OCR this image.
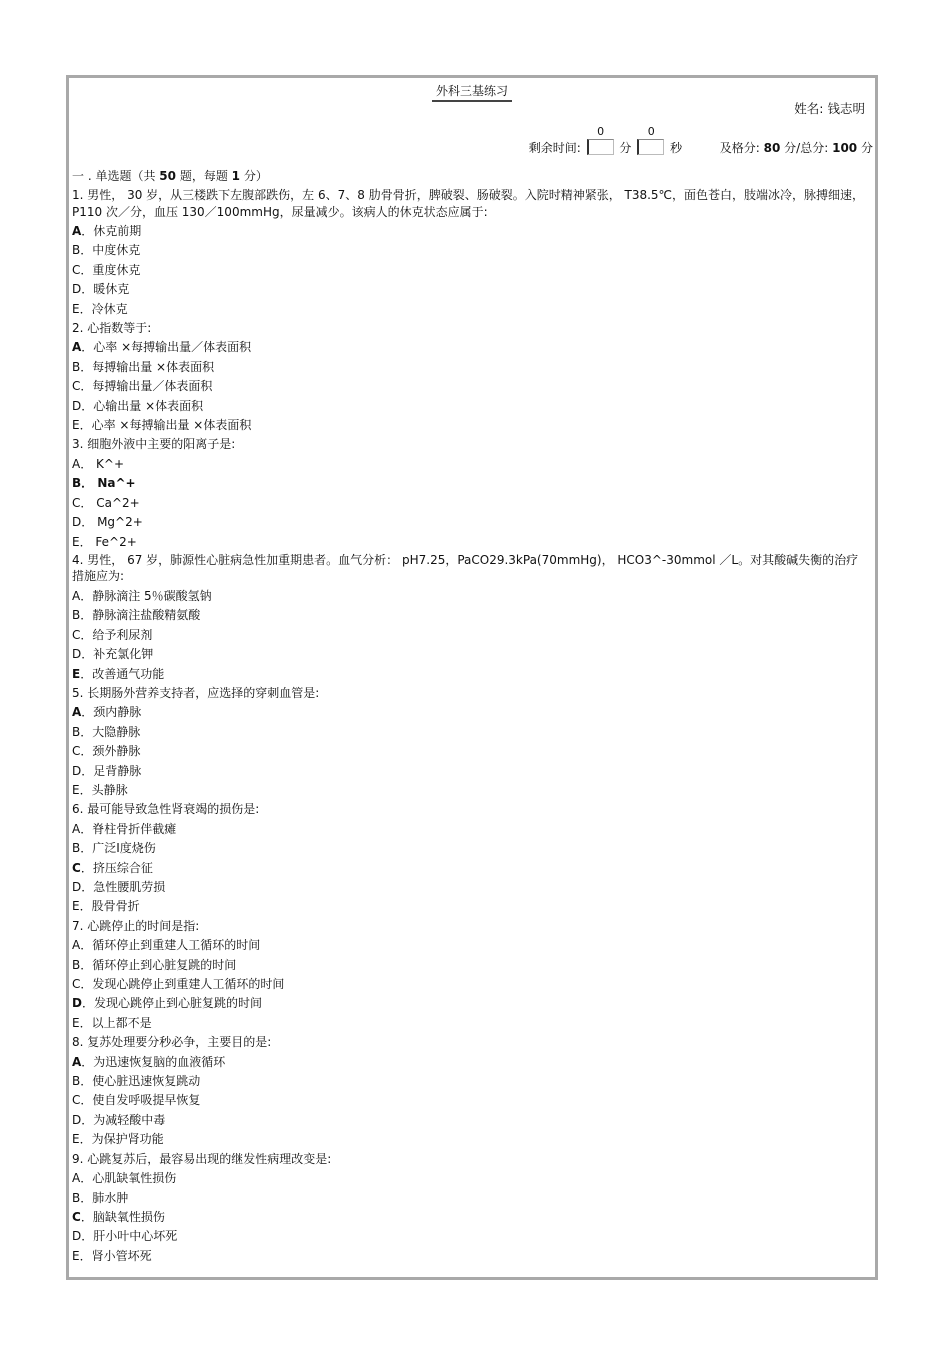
外科三基练习
姓名: 钱志明
剩余时间:
0
分
0
秒	及格分: 80 分/总分: 100 分
一 . 单选题（共 50 题，每题 1 分）
1. 男性， 30 岁，从三楼跌下左腹部跌伤，左 6、7、8 肋骨骨折，脾破裂、肠破裂。入院时精神紧张， T38.5℃，面色苍白，肢端冰冷，脉搏细速， P110 次／分，血压 130／100mmHg，尿量减少。该病人的休克状态应属于:
A．休克前期
B．中度休克
C．重度休克
D．暖休克
E．冷休克
2. 心指数等于:
A．心率 ×每搏输出量／体表面积
B．每搏输出量 ×体表面积
C．每搏输出量／体表面积
D．心输出量 ×体表面积
E．心率 ×每搏输出量 ×体表面积
3. 细胞外液中主要的阳离子是:
A． K^+
B． Na^+
C． Ca^2+
D． Mg^2+
E． Fe^2+
4. 男性， 67 岁，肺源性心脏病急性加重期患者。血气分析： pH7.25，PaCO29.3kPa(70mmHg)， HCO3^-30mmol ／L。对其酸碱失衡的治疗措施应为:
A．静脉滴注 5％碳酸氢钠
B．静脉滴注盐酸精氨酸
C．给予利尿剂
D．补充氯化钾
E．改善通气功能
5. 长期肠外营养支持者，应选择的穿刺血管是:
A．颈内静脉
B．大隐静脉
C．颈外静脉
D．足背静脉
E．头静脉
6. 最可能导致急性肾衰竭的损伤是:
A．脊柱骨折伴截瘫
B．广泛Ⅰ度烧伤
C．挤压综合征
D．急性腰肌劳损
E．股骨骨折
7. 心跳停止的时间是指:
A．循环停止到重建人工循环的时间
B．循环停止到心脏复跳的时间
C．发现心跳停止到重建人工循环的时间
D．发现心跳停止到心脏复跳的时间
E．以上都不是
8. 复苏处理要分秒必争，主要目的是:
A．为迅速恢复脑的血液循环
B．使心脏迅速恢复跳动
C．使自发呼吸提早恢复
D．为减轻酸中毒
E．为保护肾功能
9. 心跳复苏后，最容易出现的继发性病理改变是:
A．心肌缺氧性损伤
B．肺水肿
C．脑缺氧性损伤
D．肝小叶中心坏死
E．肾小管坏死
